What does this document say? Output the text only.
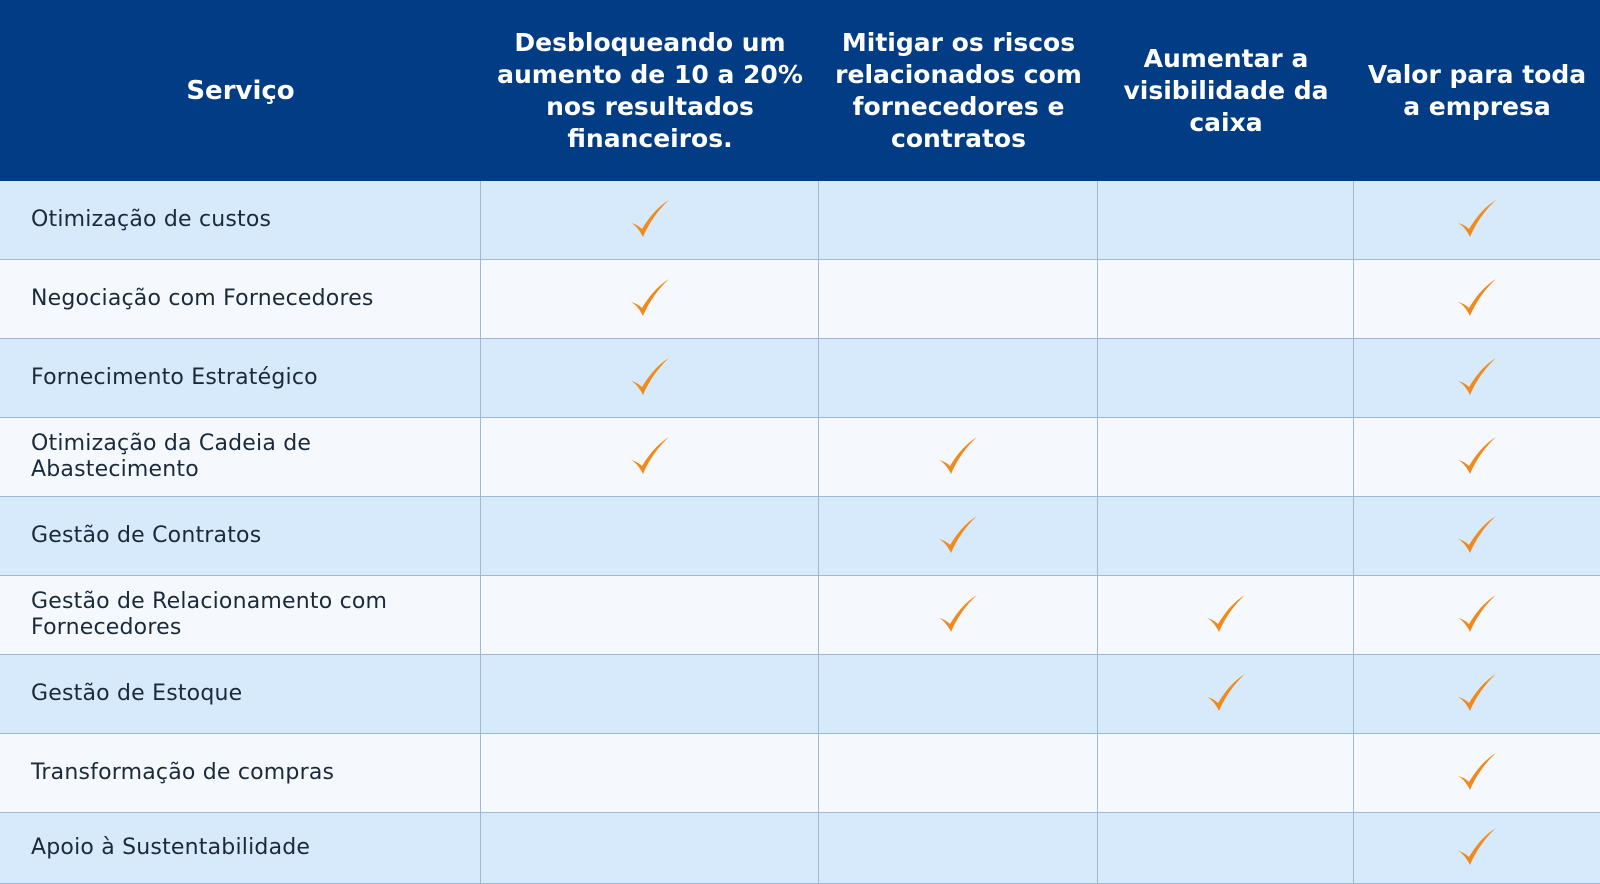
Serviço
Desbloqueando um aumento de 10 a 20% nos resultados financeiros.
Mitigar os riscos relacionados com fornecedores e contratos
Aumentar a visibilidade da caixa
Valor para toda a empresa
Otimização de custos
Negociação com Fornecedores
Fornecimento Estratégico
Otimização da Cadeia de Abastecimento
Gestão de Contratos
Gestão de Relacionamento com Fornecedores
Gestão de Estoque
Transformação de compras
Apoio à Sustentabilidade
